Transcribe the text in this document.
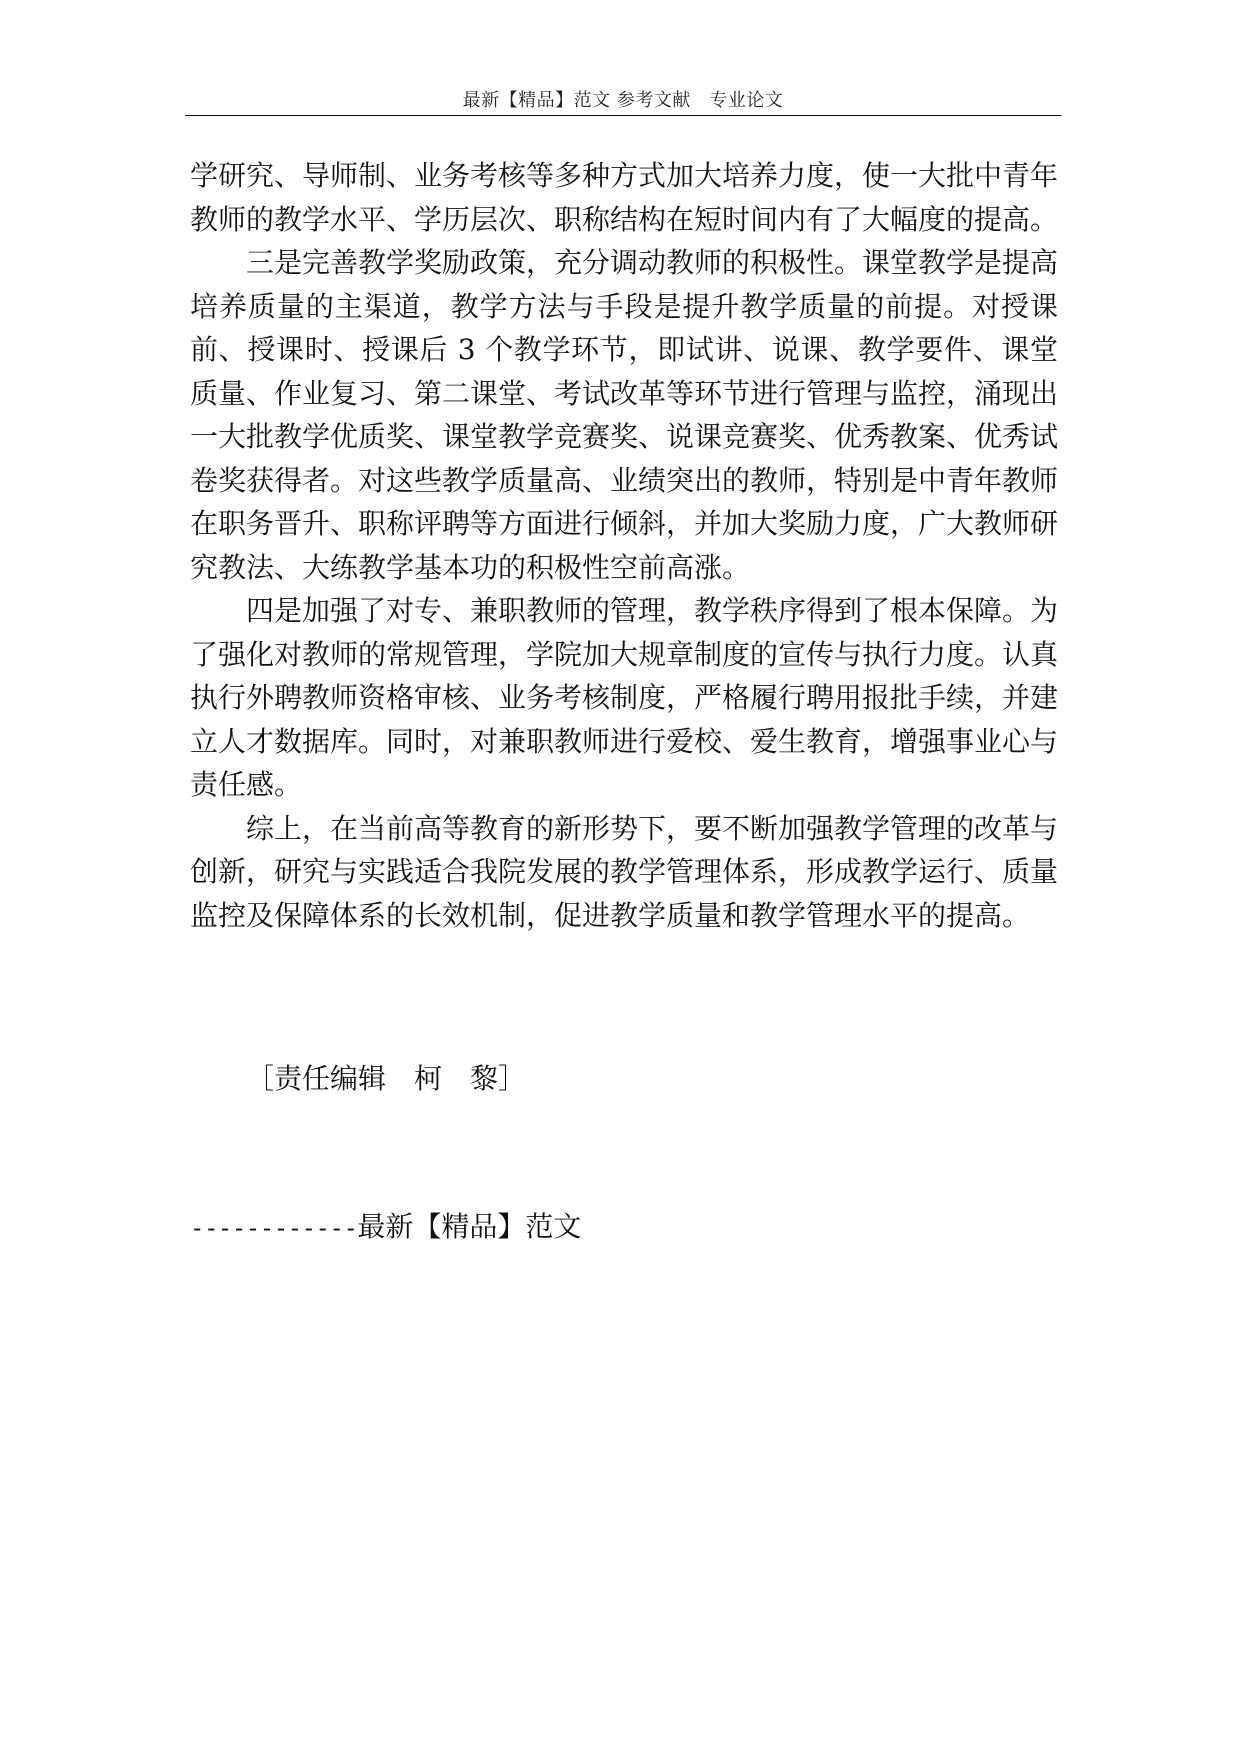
最新【精品】范文 参考文献　专业论文

学研究、导师制、业务考核等多种方式加大培养力度，使一大批中青年教师的教学水平、学历层次、职称结构在短时间内有了大幅度的提高。

三是完善教学奖励政策，充分调动教师的积极性。课堂教学是提高培养质量的主渠道，教学方法与手段是提升教学质量的前提。对授课前、授课时、授课后 3 个教学环节，即试讲、说课、教学要件、课堂质量、作业复习、第二课堂、考试改革等环节进行管理与监控，涌现出一大批教学优质奖、课堂教学竞赛奖、说课竞赛奖、优秀教案、优秀试卷奖获得者。对这些教学质量高、业绩突出的教师，特别是中青年教师在职务晋升、职称评聘等方面进行倾斜，并加大奖励力度，广大教师研究教法、大练教学基本功的积极性空前高涨。

四是加强了对专、兼职教师的管理，教学秩序得到了根本保障。为了强化对教师的常规管理，学院加大规章制度的宣传与执行力度。认真执行外聘教师资格审核、业务考核制度，严格履行聘用报批手续，并建立人才数据库。同时，对兼职教师进行爱校、爱生教育，增强事业心与责任感。

综上，在当前高等教育的新形势下，要不断加强教学管理的改革与创新，研究与实践适合我院发展的教学管理体系，形成教学运行、质量监控及保障体系的长效机制，促进教学质量和教学管理水平的提高。

［责任编辑　柯　黎］
------------最新【精品】范文
